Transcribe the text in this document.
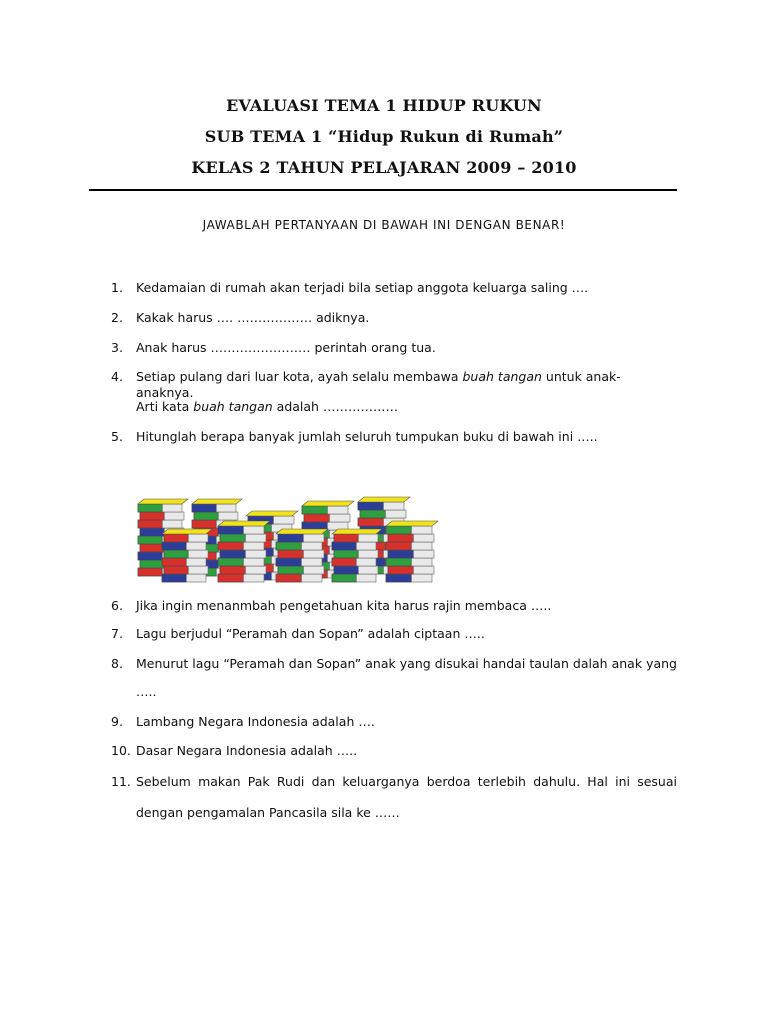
EVALUASI TEMA 1 HIDUP RUKUN
SUB TEMA 1 “Hidup Rukun di Rumah”
KELAS 2 TAHUN PELAJARAN 2009 – 2010
JAWABLAH PERTANYAAN DI BAWAH INI DENGAN BENAR!
1. Kedamaian di rumah akan terjadi bila setiap anggota keluarga saling ….
2. Kakak harus …. ……………… adiknya.
3. Anak harus …………………… perintah orang tua.
4. Setiap pulang dari luar kota, ayah selalu membawa buah tangan untuk anak-anaknya.
Arti kata buah tangan adalah ………………
5. Hitunglah berapa banyak jumlah seluruh tumpukan buku di bawah ini …..
6. Jika ingin menanmbah pengetahuan kita harus rajin membaca …..
7. Lagu berjudul “Peramah dan Sopan” adalah ciptaan …..
8. Menurut lagu “Peramah dan Sopan” anak yang disukai handai taulan dalah anak yang
…..
9. Lambang Negara Indonesia adalah ….
10. Dasar Negara Indonesia adalah …..
11. Sebelum makan Pak Rudi dan keluarganya berdoa terlebih dahulu. Hal ini sesuai
dengan pengamalan Pancasila sila ke ……
